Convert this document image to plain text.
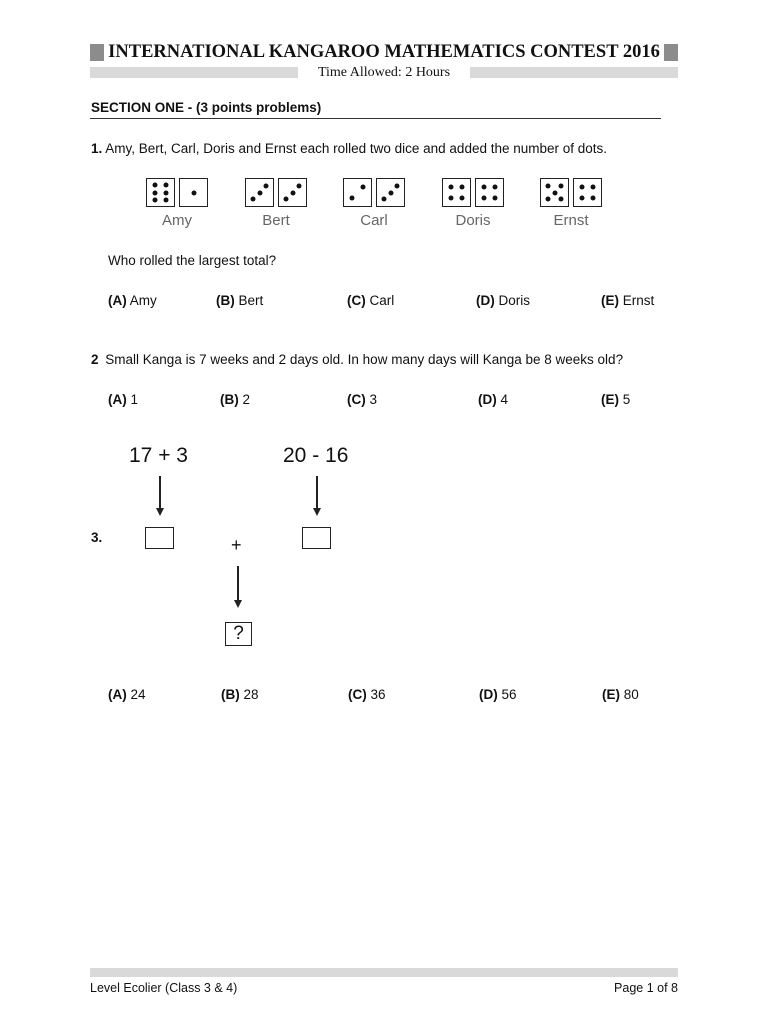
INTERNATIONAL KANGAROO MATHEMATICS CONTEST 2016
Time Allowed: 2 Hours
SECTION ONE - (3 points problems)
1. Amy, Bert, Carl, Doris and Ernst each rolled two dice and added the number of dots.
Amy	Bert	Carl	Doris	Ernst
Who rolled the largest total?
(A) Amy	(B) Bert	(C) Carl	(D) Doris	(E) Ernst
2 Small Kanga is 7 weeks and 2 days old. In how many days will Kanga be 8 weeks old?
(A) 1	(B) 2	(C) 3	(D) 4	(E) 5
17 + 3	20 - 16
3.	+
?
(A) 24	(B) 28	(C) 36	(D) 56	(E) 80
Level Ecolier (Class 3 & 4)	Page 1 of 8
